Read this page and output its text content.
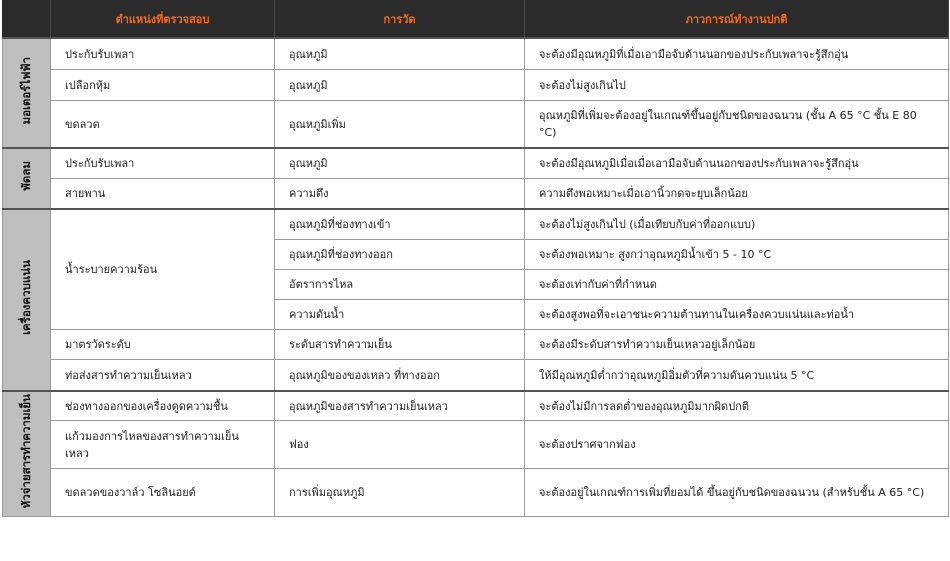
	ตำแหน่งที่ตรวจสอบ	การวัด	ภาวการณ์ทำงานปกติ
มอเตอร์ไฟฟ้า	ประกับรับเพลา	อุณหภูมิ	จะต้องมีอุณหภูมิที่เมื่อเอามือจับด้านนอกของประกับเพลาจะรู้สึกอุ่น
	เปลือกหุ้ม	อุณหภูมิ	จะต้องไม่สูงเกินไป
	ขดลวด	อุณหภูมิเพิ่ม	อุณหภูมิที่เพิ่มจะต้องอยู่ในเกณฑ์ขึ้นอยู่กับชนิดของฉนวน (ชั้น A 65 °C ชั้น E 80 °C)
พัดลม	ประกับรับเพลา	อุณหภูมิ	จะต้องมีอุณหภูมิเมื่อเมื่อเอามือจับด้านนอกของประกับเพลาจะรู้สึกอุ่น
	สายพาน	ความตึง	ความตึงพอเหมาะเมื่อเอานิ้วกดจะยุบเล็กน้อย
เครื่องควบแน่น	น้ำระบายความร้อน	อุณหภูมิที่ช่องทางเข้า	จะต้องไม่สูงเกินไป (เมื่อเทียบกับค่าที่ออกแบบ)
		อุณหภูมิที่ช่องทางออก	จะต้องพอเหมาะ สูงกว่าอุณหภูมิน้ำเข้า 5 - 10 °C
		อัตราการไหล	จะต้องเท่ากับค่าที่กำหนด
		ความดันน้ำ	จะต้องสูงพอที่จะเอาชนะความต้านทานในเครื่องควบแน่นและท่อน้ำ
	มาตรวัดระดับ	ระดับสารทำความเย็น	จะต้องมีระดับสารทำความเย็นเหลวอยู่เล็กน้อย
	ท่อส่งสารทำความเย็นเหลว	อุณหภูมิของของเหลว ที่ทางออก	ให้มีอุณหภูมิต่ำกว่าอุณหภูมิอิ่มตัวที่ความดันควบแน่น 5 °C
หัวจ่ายสารทำความเย็น	ช่องทางออกของเครื่องดูดความชื้น	อุณหภูมิของสารทำความเย็นเหลว	จะต้องไม่มีการลดต่ำของอุณหภูมิมากผิดปกติ
	แก้วมองการไหลของสารทำความเย็นเหลว	ฟอง	จะต้องปราศจากฟอง
	ขดลวดของวาล์ว โซลินอยด์	การเพิ่มอุณหภูมิ	จะต้องอยู่ในเกณฑ์การเพิ่มที่ยอมได้ ขึ้นอยู่กับชนิดของฉนวน (สำหรับชั้น A 65 °C)
